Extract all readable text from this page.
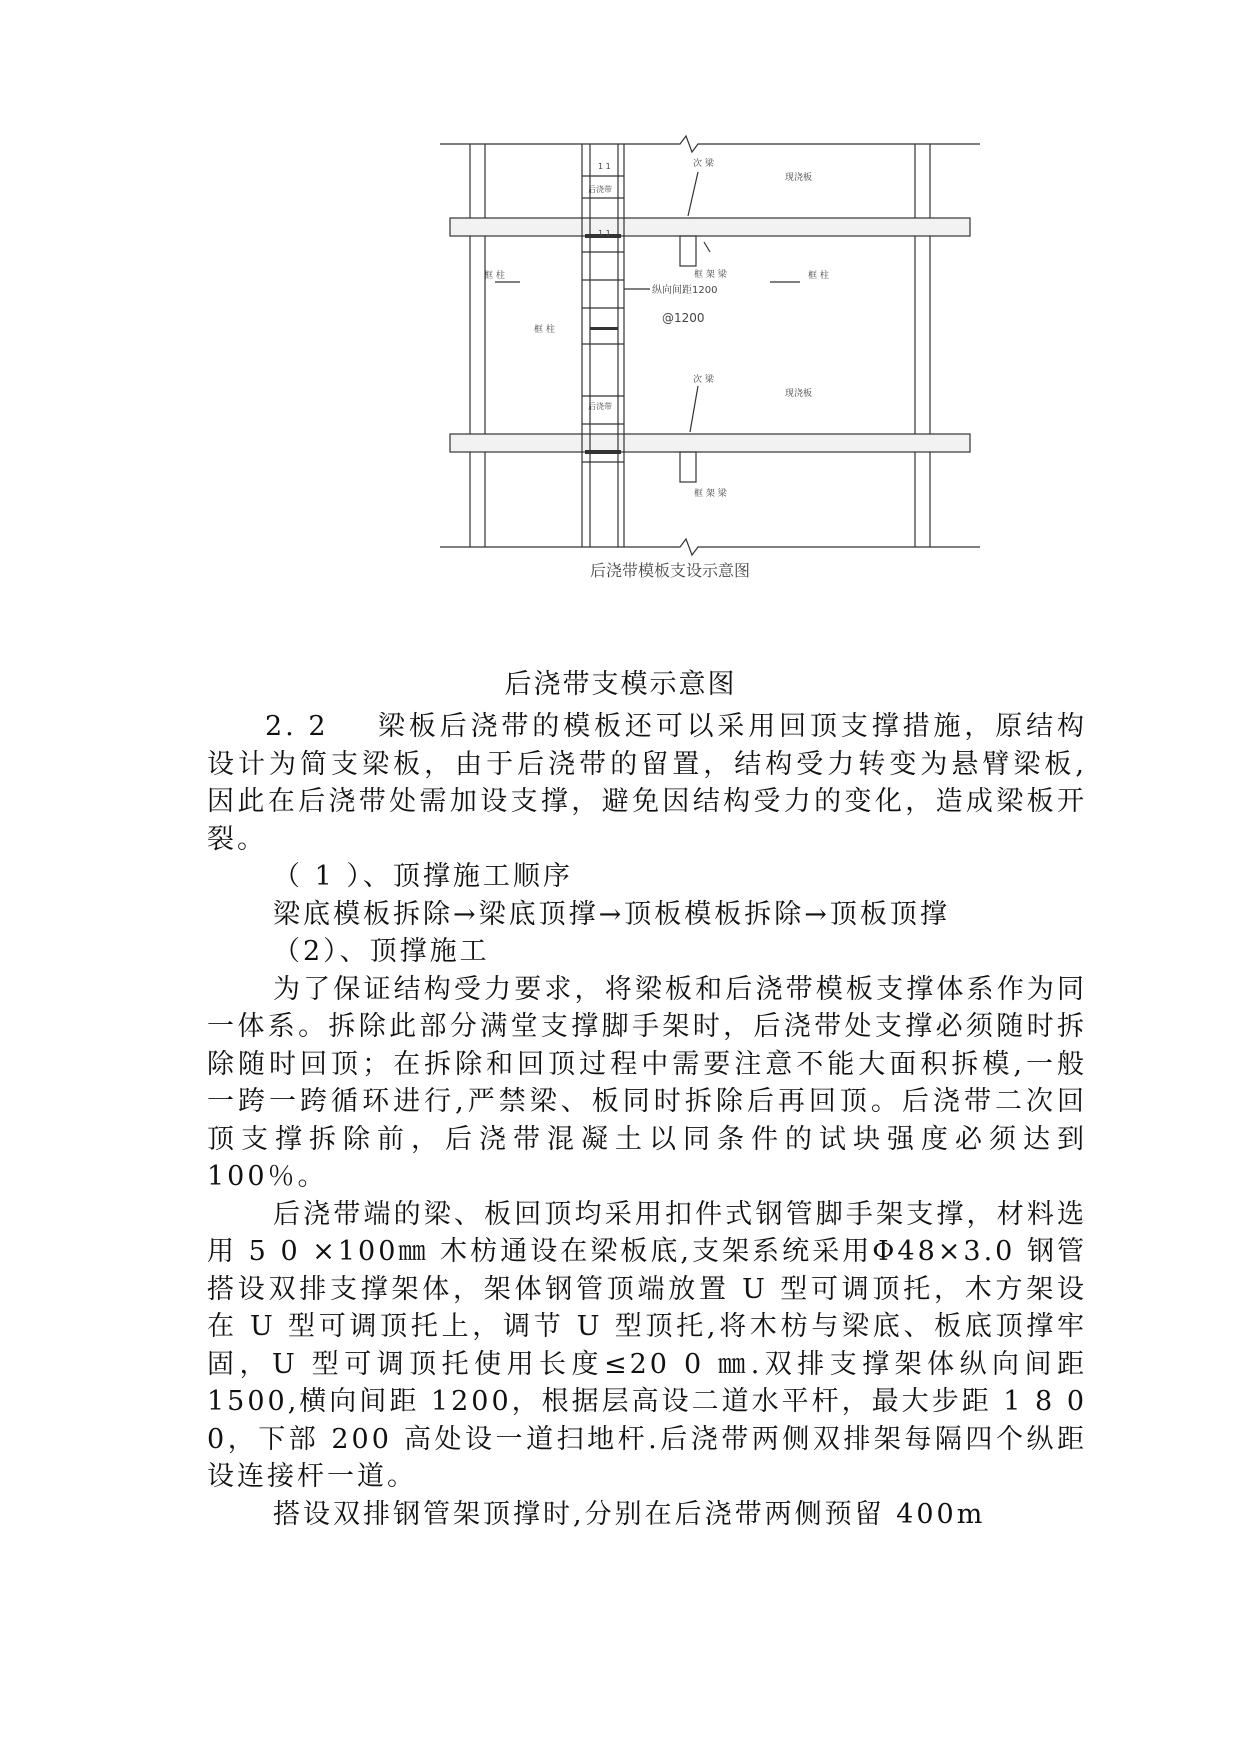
次 梁
现浇板
后浇带
1 1
1 1
框 架 梁
框 柱	框 柱
框 柱
纵向间距1200
@1200
次 梁
现浇板
后浇带
框 架 梁
后浇带模板支设示意图
后浇带支模示意图

2. 2 梁板后浇带的模板还可以采用回顶支撑措施，原结构设计为简支梁板，由于后浇带的留置，结构受力转变为悬臂梁板,因此在后浇带处需加设支撑，避免因结构受力的变化，造成梁板开裂。

（ 1 ）、顶撑施工顺序

梁底模板拆除→梁底顶撑→顶板模板拆除→顶板顶撑

（2）、顶撑施工

为了保证结构受力要求，将梁板和后浇带模板支撑体系作为同一体系。拆除此部分满堂支撑脚手架时，后浇带处支撑必须随时拆除随时回顶；在拆除和回顶过程中需要注意不能大面积拆模,一般一跨一跨循环进行,严禁梁、板同时拆除后再回顶。后浇带二次回顶支撑拆除前，后浇带混凝土以同条件的试块强度必须达到 100％。

后浇带端的梁、板回顶均采用扣件式钢管脚手架支撑，材料选用 5 0 ×100㎜ 木枋通设在梁板底,支架系统采用Φ48×3.0 钢管搭设双排支撑架体，架体钢管顶端放置 U 型可调顶托，木方架设在 U 型可调顶托上，调节 U 型顶托,将木枋与梁底、板底顶撑牢固，U 型可调顶托使用长度≤20 0 ㎜.双排支撑架体纵向间距 1500,横向间距 1200，根据层高设二道水平杆，最大步距 1 8 0 0，下部 200 高处设一道扫地杆.后浇带两侧双排架每隔四个纵距设连接杆一道。

搭设双排钢管架顶撑时,分别在后浇带两侧预留 400m
